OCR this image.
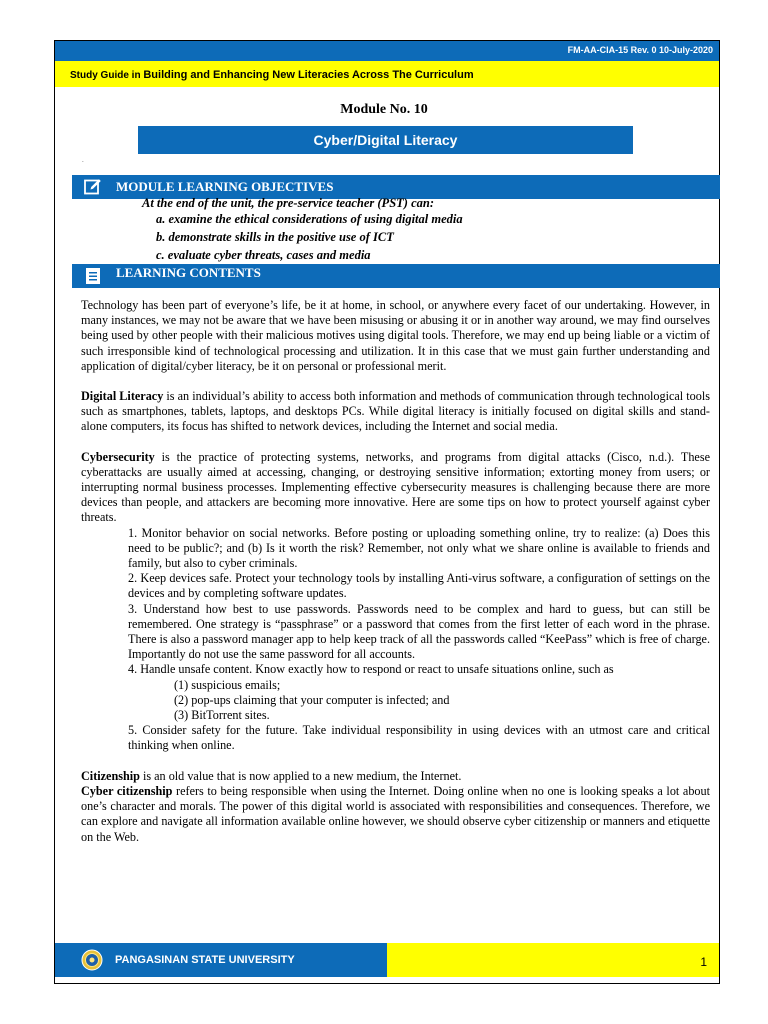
FM-AA-CIA-15 Rev. 0 10-July-2020
Study Guide in Building and Enhancing New Literacies Across The Curriculum
Module No. 10
Cyber/Digital Literacy
.
MODULE LEARNING OBJECTIVES
At the end of the unit, the pre-service teacher (PST) can:
a. examine the ethical considerations of using digital media
b. demonstrate skills in the positive use of ICT
c. evaluate cyber threats, cases and media
LEARNING CONTENTS

Technology has been part of everyone’s life, be it at home, in school, or anywhere every facet of our undertaking. However, in many instances, we may not be aware that we have been misusing or abusing it or in another way around, we may find ourselves being used by other people with their malicious motives using digital tools. Therefore, we may end up being liable or a victim of such irresponsible kind of technological processing and utilization. It in this case that we must gain further understanding and application of digital/cyber literacy, be it on personal or professional merit.

Digital Literacy is an individual’s ability to access both information and methods of communication through technological tools such as smartphones, tablets, laptops, and desktops PCs. While digital literacy is initially focused on digital skills and stand-alone computers, its focus has shifted to network devices, including the Internet and social media.

Cybersecurity is the practice of protecting systems, networks, and programs from digital attacks (Cisco, n.d.). These cyberattacks are usually aimed at accessing, changing, or destroying sensitive information; extorting money from users; or interrupting normal business processes. Implementing effective cybersecurity measures is challenging because there are more devices than people, and attackers are becoming more innovative. Here are some tips on how to protect yourself against cyber threats.

1. Monitor behavior on social networks. Before posting or uploading something online, try to realize: (a) Does this need to be public?; and (b) Is it worth the risk? Remember, not only what we share online is available to friends and family, but also to cyber criminals.

2. Keep devices safe. Protect your technology tools by installing Anti-virus software, a configuration of settings on the devices and by completing software updates.

3. Understand how best to use passwords. Passwords need to be complex and hard to guess, but can still be remembered. One strategy is “passphrase” or a password that comes from the first letter of each word in the phrase. There is also a password manager app to help keep track of all the passwords called “KeePass” which is free of charge. Importantly do not use the same password for all accounts.

4. Handle unsafe content. Know exactly how to respond or react to unsafe situations online, such as

(1) suspicious emails;

(2) pop-ups claiming that your computer is infected; and

(3) BitTorrent sites.

5. Consider safety for the future. Take individual responsibility in using devices with an utmost care and critical thinking when online.

Citizenship is an old value that is now applied to a new medium, the Internet.

Cyber citizenship refers to being responsible when using the Internet. Doing online when no one is looking speaks a lot about one’s character and morals. The power of this digital world is associated with responsibilities and consequences. Therefore, we can explore and navigate all information available online however, we should observe cyber citizenship or manners and etiquette on the Web.

PANGASINAN STATE UNIVERSITY	1
